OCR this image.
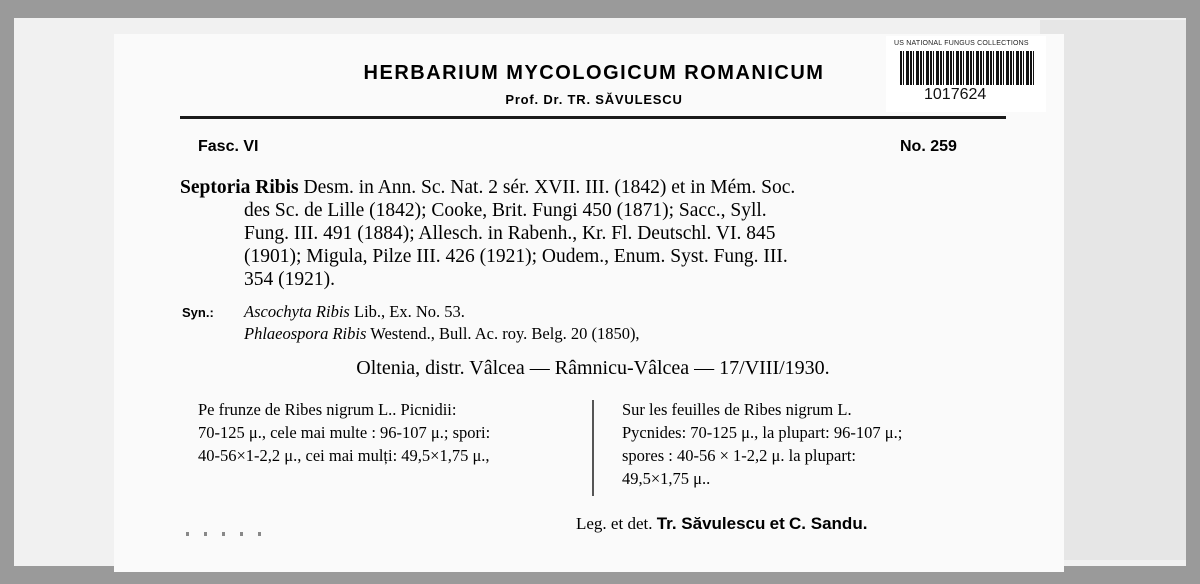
US NATIONAL FUNGUS COLLECTIONS
1017624
HERBARIUM MYCOLOGICUM ROMANICUM
Prof. Dr. TR. SĂVULESCU
Fasc. VI	No. 259
Septoria Ribis Desm. in Ann. Sc. Nat. 2 sér. XVII. III. (1842) et in Mém. Soc.
des Sc. de Lille (1842); Cooke, Brit. Fungi 450 (1871); Sacc., Syll.
Fung. III. 491 (1884); Allesch. in Rabenh., Kr. Fl. Deutschl. VI. 845
(1901); Migula, Pilze III. 426 (1921); Oudem., Enum. Syst. Fung. III.
354 (1921).
Syn.: Ascochyta Ribis Lib., Ex. No. 53.
Phlaeospora Ribis Westend., Bull. Ac. roy. Belg. 20 (1850),
Oltenia, distr. Vâlcea — Râmnicu-Vâlcea — 17/VIII/1930.
Pe frunze de Ribes nigrum L.. Picnidii:
70-125 μ., cele mai multe : 96-107 μ.; spori:
40-56×1-2,2 μ., cei mai mulți: 49,5×1,75 μ.,
Sur les feuilles de Ribes nigrum L.
Pycnides: 70-125 μ., la plupart: 96-107 μ.;
spores : 40-56 × 1-2,2 μ. la plupart:
49,5×1,75 μ..
Leg. et det. Tr. Săvulescu et C. Sandu.
